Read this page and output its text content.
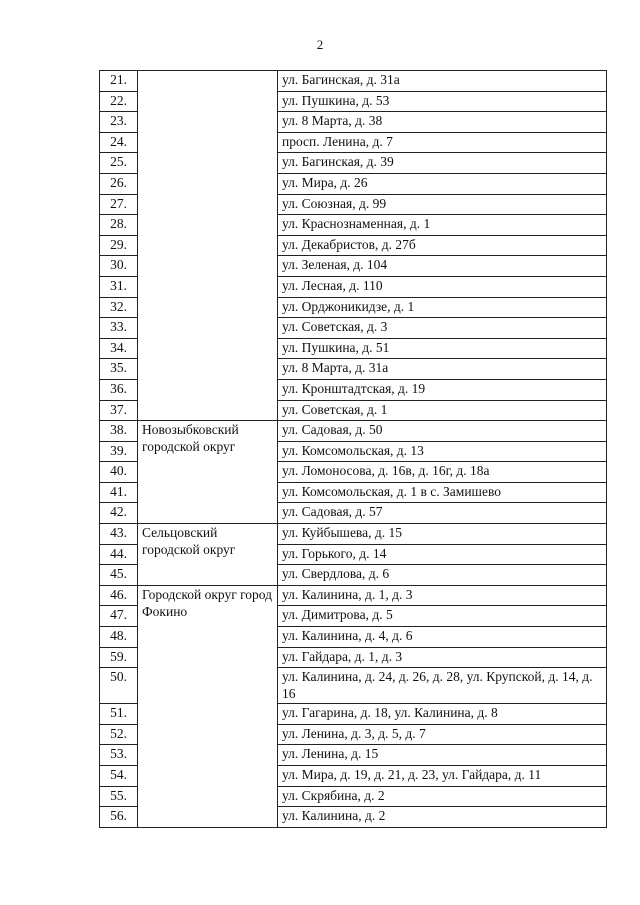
2
21.		ул. Багинская, д. 31а
22.		ул. Пушкина, д. 53
23.		ул. 8 Марта, д. 38
24.		просп. Ленина, д. 7
25.		ул. Багинская, д. 39
26.		ул. Мира, д. 26
27.		ул. Союзная, д. 99
28.		ул. Краснознаменная, д. 1
29.		ул. Декабристов, д. 27б
30.		ул. Зеленая, д. 104
31.		ул. Лесная, д. 110
32.		ул. Орджоникидзе, д. 1
33.		ул. Советская, д. 3
34.		ул. Пушкина, д. 51
35.		ул. 8 Марта, д. 31а
36.		ул. Кронштадтская, д. 19
37.		ул. Советская, д. 1
38.	Новозыбковский городской округ	ул. Садовая, д. 50
39.		ул. Комсомольская, д. 13
40.		ул. Ломоносова, д. 16в, д. 16г, д. 18а
41.		ул. Комсомольская, д. 1 в с. Замишево
42.		ул. Садовая, д. 57
43.	Сельцовский городской округ	ул. Куйбышева, д. 15
44.		ул. Горького, д. 14
45.		ул. Свердлова, д. 6
46.	Городской округ город Фокино	ул. Калинина, д. 1, д. 3
47.		ул. Димитрова, д. 5
48.		ул. Калинина, д. 4, д. 6
59.		ул. Гайдара, д. 1, д. 3
50.		ул. Калинина, д. 24, д. 26, д. 28, ул. Крупской, д. 14, д. 16
51.		ул. Гагарина, д. 18, ул. Калинина, д. 8
52.		ул. Ленина, д. 3, д. 5, д. 7
53.		ул. Ленина, д. 15
54.		ул. Мира, д. 19, д. 21, д. 23, ул. Гайдара, д. 11
55.		ул. Скрябина, д. 2
56.		ул. Калинина, д. 2
